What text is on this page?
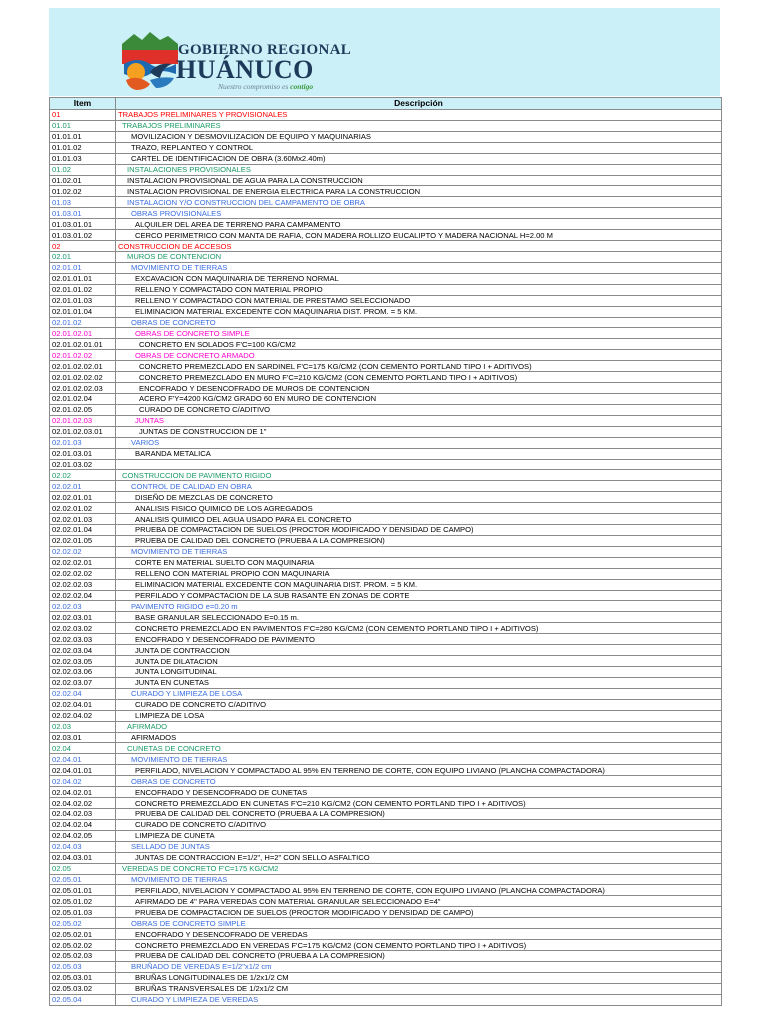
GOBIERNO REGIONAL
HUÁNUCO
Nuestro compromiso es contigo
Item	Descripción
01	TRABAJOS PRELIMINARES Y PROVISIONALES
01.01	TRABAJOS PRELIMINARES
01.01.01	MOVILIZACION Y DESMOVILIZACION DE EQUIPO Y MAQUINARIAS
01.01.02	TRAZO, REPLANTEO Y CONTROL
01.01.03	CARTEL DE IDENTIFICACION DE OBRA (3.60Mx2.40m)
01.02	INSTALACIONES PROVISIONALES
01.02.01	INSTALACION PROVISIONAL DE AGUA PARA LA CONSTRUCCION
01.02.02	INSTALACION PROVISIONAL DE ENERGIA ELECTRICA PARA LA CONSTRUCCION
01.03	INSTALACION Y/O CONSTRUCCION DEL CAMPAMENTO DE OBRA
01.03.01	OBRAS PROVISIONALES
01.03.01.01	ALQUILER DEL AREA DE TERRENO PARA CAMPAMENTO
01.03.01.02	CERCO PERIMETRICO CON MANTA DE RAFIA, CON MADERA ROLLIZO EUCALIPTO Y MADERA NACIONAL H=2.00 M
02	CONSTRUCCION DE ACCESOS
02.01	MUROS DE CONTENCION
02.01.01	MOVIMIENTO DE TIERRAS
02.01.01.01	EXCAVACION CON MAQUINARIA DE TERRENO NORMAL
02.01.01.02	RELLENO Y COMPACTADO CON MATERIAL PROPIO
02.01.01.03	RELLENO Y COMPACTADO CON MATERIAL DE PRESTAMO SELECCIONADO
02.01.01.04	ELIMINACION MATERIAL EXCEDENTE CON MAQUINARIA DIST. PROM. = 5 KM.
02.01.02	OBRAS DE CONCRETO
02.01.02.01	OBRAS DE CONCRETO SIMPLE
02.01.02.01.01	CONCRETO EN SOLADOS F'C=100 KG/CM2
02.01.02.02	OBRAS DE CONCRETO ARMADO
02.01.02.02.01	CONCRETO PREMEZCLADO EN SARDINEL F'C=175 KG/CM2 (CON CEMENTO PORTLAND TIPO I + ADITIVOS)
02.01.02.02.02	CONCRETO PREMEZCLADO EN MURO F'C=210 KG/CM2 (CON CEMENTO PORTLAND TIPO I + ADITIVOS)
02.01.02.02.03	ENCOFRADO Y DESENCOFRADO DE MUROS DE CONTENCION
02.01.02.04	ACERO F'Y=4200 KG/CM2 GRADO 60 EN MURO DE CONTENCION
02.01.02.05	CURADO DE CONCRETO C/ADITIVO
02.01.02.03	JUNTAS
02.01.02.03.01	JUNTAS DE CONSTRUCCION DE 1"
02.01.03	VARIOS
02.01.03.01	BARANDA METALICA
02.01.03.02	
02.02	CONSTRUCCION DE PAVIMENTO RIGIDO
02.02.01	CONTROL DE CALIDAD EN OBRA
02.02.01.01	DISEÑO DE MEZCLAS DE CONCRETO
02.02.01.02	ANALISIS FISICO QUIMICO DE LOS AGREGADOS
02.02.01.03	ANALISIS QUIMICO DEL AGUA USADO PARA EL CONCRETO
02.02.01.04	PRUEBA DE COMPACTACION DE SUELOS (PROCTOR MODIFICADO Y DENSIDAD DE CAMPO)
02.02.01.05	PRUEBA DE CALIDAD DEL CONCRETO (PRUEBA A LA COMPRESION)
02.02.02	MOVIMIENTO DE TIERRAS
02.02.02.01	CORTE EN MATERIAL SUELTO CON MAQUINARIA
02.02.02.02	RELLENO CON MATERIAL PROPIO CON MAQUINARIA
02.02.02.03	ELIMINACION MATERIAL EXCEDENTE CON MAQUINARIA DIST. PROM. = 5 KM.
02.02.02.04	PERFILADO Y COMPACTACION DE LA SUB RASANTE EN ZONAS DE CORTE
02.02.03	PAVIMENTO RIGIDO e=0.20 m
02.02.03.01	BASE GRANULAR SELECCIONADO E=0.15 m.
02.02.03.02	CONCRETO PREMEZCLADO EN PAVIMENTOS F'C=280 KG/CM2 (CON CEMENTO PORTLAND TIPO I + ADITIVOS)
02.02.03.03	ENCOFRADO Y DESENCOFRADO DE PAVIMENTO
02.02.03.04	JUNTA DE CONTRACCION
02.02.03.05	JUNTA DE DILATACION
02.02.03.06	JUNTA LONGITUDINAL
02.02.03.07	JUNTA EN CUNETAS
02.02.04	CURADO Y LIMPIEZA DE LOSA
02.02.04.01	CURADO DE CONCRETO C/ADITIVO
02.02.04.02	LIMPIEZA DE LOSA
02.03	AFIRMADO
02.03.01	AFIRMADOS
02.04	CUNETAS DE CONCRETO
02.04.01	MOVIMIENTO DE TIERRAS
02.04.01.01	PERFILADO, NIVELACION Y COMPACTADO AL 95% EN TERRENO DE CORTE, CON EQUIPO LIVIANO (PLANCHA COMPACTADORA)
02.04.02	OBRAS DE CONCRETO
02.04.02.01	ENCOFRADO Y DESENCOFRADO DE CUNETAS
02.04.02.02	CONCRETO PREMEZCLADO EN CUNETAS F'C=210 KG/CM2 (CON CEMENTO PORTLAND TIPO I + ADITIVOS)
02.04.02.03	PRUEBA DE CALIDAD DEL CONCRETO (PRUEBA A LA COMPRESION)
02.04.02.04	CURADO DE CONCRETO C/ADITIVO
02.04.02.05	LIMPIEZA DE CUNETA
02.04.03	SELLADO DE JUNTAS
02.04.03.01	JUNTAS DE CONTRACCION E=1/2", H=2" CON SELLO ASFALTICO
02.05	VEREDAS DE CONCRETO F'C=175 KG/CM2
02.05.01	MOVIMIENTO DE TIERRAS
02.05.01.01	PERFILADO, NIVELACION Y COMPACTADO AL 95% EN TERRENO DE CORTE, CON EQUIPO LIVIANO (PLANCHA COMPACTADORA)
02.05.01.02	AFIRMADO DE 4" PARA VEREDAS CON MATERIAL GRANULAR SELECCIONADO E=4"
02.05.01.03	PRUEBA DE COMPACTACION DE SUELOS (PROCTOR MODIFICADO Y DENSIDAD DE CAMPO)
02.05.02	OBRAS DE CONCRETO SIMPLE
02.05.02.01	ENCOFRADO Y DESENCOFRADO DE VEREDAS
02.05.02.02	CONCRETO PREMEZCLADO EN VEREDAS F'C=175 KG/CM2 (CON CEMENTO PORTLAND TIPO I + ADITIVOS)
02.05.02.03	PRUEBA DE CALIDAD DEL CONCRETO (PRUEBA A LA COMPRESION)
02.05.03	BRUÑADO DE VEREDAS E=1/2"x1/2 cm
02.05.03.01	BRUÑAS LONGITUDINALES DE 1/2x1/2 CM
02.05.03.02	BRUÑAS TRANSVERSALES DE 1/2x1/2 CM
02.05.04	CURADO Y LIMPIEZA DE VEREDAS
